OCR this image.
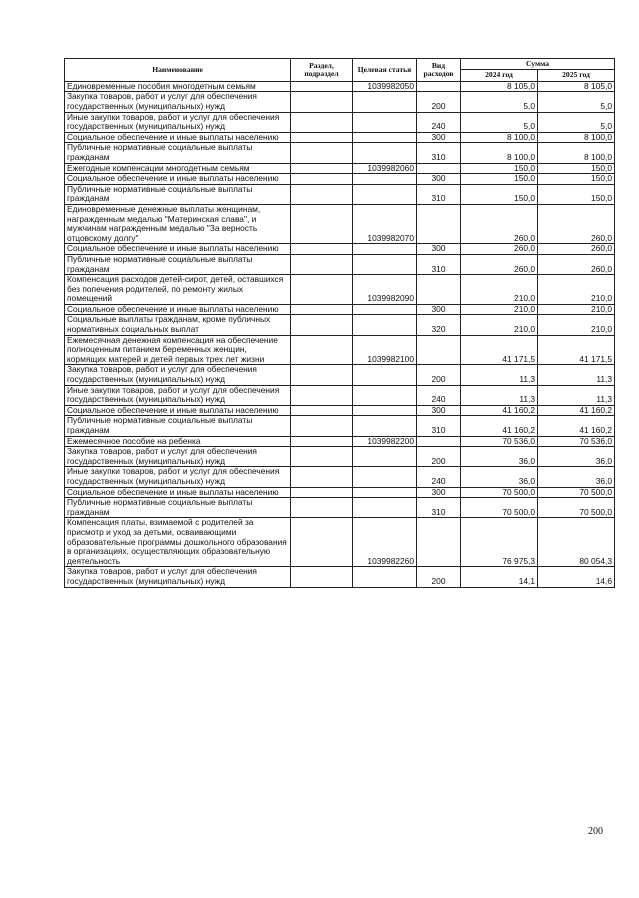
Наименование	Раздел, подраздел	Целевая статья	Вид расходов	Сумма	
				2024 год	2025 год
Единовременные пособия многодетным семьям		1039982050		8 105,0	8 105,0
Закупка товаров, работ и услуг для обеспечения государственных (муниципальных) нужд			200	5,0	5,0
Иные закупки товаров, работ и услуг для обеспечения государственных (муниципальных) нужд			240	5,0	5,0
Социальное обеспечение и иные выплаты населению			300	8 100,0	8 100,0
Публичные нормативные социальные выплаты гражданам			310	8 100,0	8 100,0
Ежегодные компенсации многодетным семьям		1039982060		150,0	150,0
Социальное обеспечение и иные выплаты населению			300	150,0	150,0
Публичные нормативные социальные выплаты гражданам			310	150,0	150,0
Единовременные денежные выплаты женщинам, награжденным медалью "Материнская слава", и мужчинам награжденным медалью "За верность отцовскому долгу"		1039982070		260,0	260,0
Социальное обеспечение и иные выплаты населению			300	260,0	260,0
Публичные нормативные социальные выплаты гражданам			310	260,0	260,0
Компенсация расходов детей-сирот, детей, оставшихся без попечения родителей, по ремонту жилых помещений		1039982090		210,0	210,0
Социальное обеспечение и иные выплаты населению			300	210,0	210,0
Социальные выплаты гражданам, кроме публичных нормативных социальных выплат			320	210,0	210,0
Ежемесячная денежная компенсация на обеспечение полноценным питанием беременных женщин, кормящих матерей и детей первых трех лет жизни		1039982100		41 171,5	41 171,5
Закупка товаров, работ и услуг для обеспечения государственных (муниципальных) нужд			200	11,3	11,3
Иные закупки товаров, работ и услуг для обеспечения государственных (муниципальных) нужд			240	11,3	11,3
Социальное обеспечение и иные выплаты населению			300	41 160,2	41 160,2
Публичные нормативные социальные выплаты гражданам			310	41 160,2	41 160,2
Ежемесячное пособие на ребенка		1039982200		70 536,0	70 536,0
Закупка товаров, работ и услуг для обеспечения государственных (муниципальных) нужд			200	36,0	36,0
Иные закупки товаров, работ и услуг для обеспечения государственных (муниципальных) нужд			240	36,0	36,0
Социальное обеспечение и иные выплаты населению			300	70 500,0	70 500,0
Публичные нормативные социальные выплаты гражданам			310	70 500,0	70 500,0
Компенсация платы, взимаемой с родителей за присмотр и уход за детьми, осваивающими образовательные программы дошкольного образования в организациях, осуществляющих образовательную деятельность		1039982260		76 975,3	80 054,3
Закупка товаров, работ и услуг для обеспечения государственных (муниципальных) нужд			200	14,1	14,6
200
